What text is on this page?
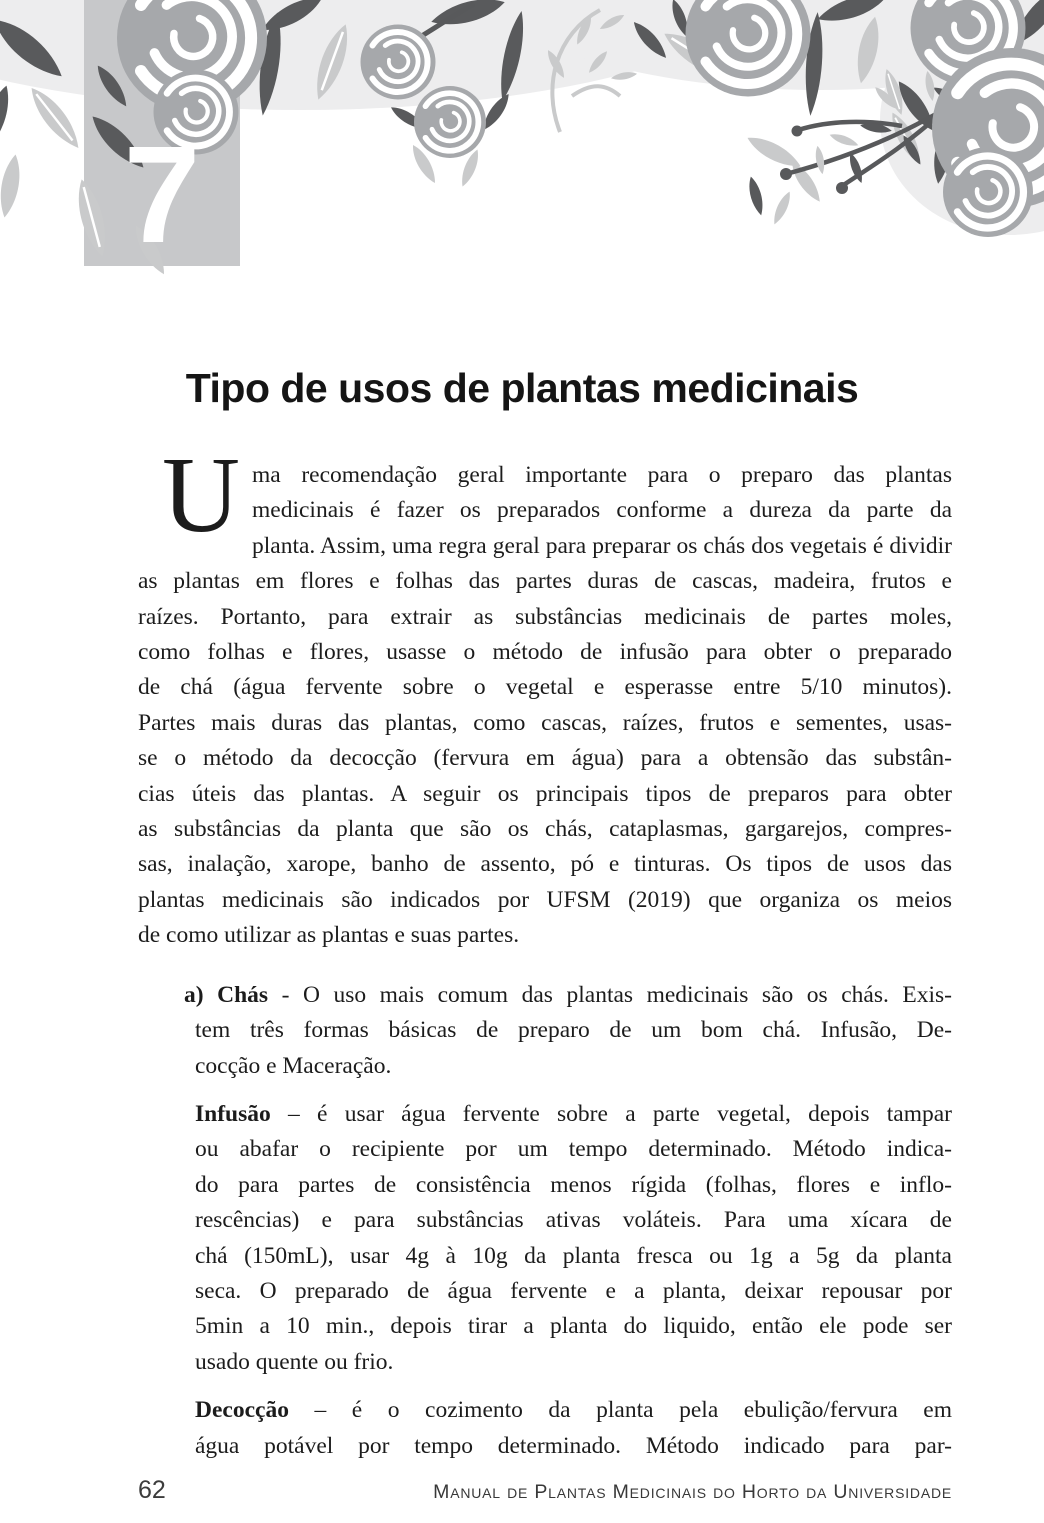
7
Tipo de usos de plantas medicinais
U ma recomendação geral importante para o preparo das plantas
medicinais é fazer os preparados conforme a dureza da parte da
planta. Assim, uma regra geral para preparar os chás dos vegetais é dividir
as plantas em flores e folhas das partes duras de cascas, madeira, frutos e
raízes. Portanto, para extrair as substâncias medicinais de partes moles,
como folhas e flores, usasse o método de infusão para obter o preparado
de chá (água fervente sobre o vegetal e esperasse entre 5/10 minutos).
Partes mais duras das plantas, como cascas, raízes, frutos e sementes, usas-
se o método da decocção (fervura em água) para a obtensão das substân-
cias úteis das plantas. A seguir os principais tipos de preparos para obter
as substâncias da planta que são os chás, cataplasmas, gargarejos, compres-
sas, inalação, xarope, banho de assento, pó e tinturas. Os tipos de usos das
plantas medicinais são indicados por UFSM (2019) que organiza os meios
de como utilizar as plantas e suas partes.
a) Chás - O uso mais comum das plantas medicinais são os chás. Exis-
tem três formas básicas de preparo de um bom chá. Infusão, De-
cocção e Maceração.
Infusão – é usar água fervente sobre a parte vegetal, depois tampar
ou abafar o recipiente por um tempo determinado. Método indica-
do para partes de consistência menos rígida (folhas, flores e inflo-
rescências) e para substâncias ativas voláteis. Para uma xícara de
chá (150mL), usar 4g à 10g da planta fresca ou 1g a 5g da planta
seca. O preparado de água fervente e a planta, deixar repousar por
5min a 10 min., depois tirar a planta do liquido, então ele pode ser
usado quente ou frio.
Decocção – é o cozimento da planta pela ebulição/fervura em
água potável por tempo determinado. Método indicado para par-
62	Manual de Plantas Medicinais do Horto da Universidade
